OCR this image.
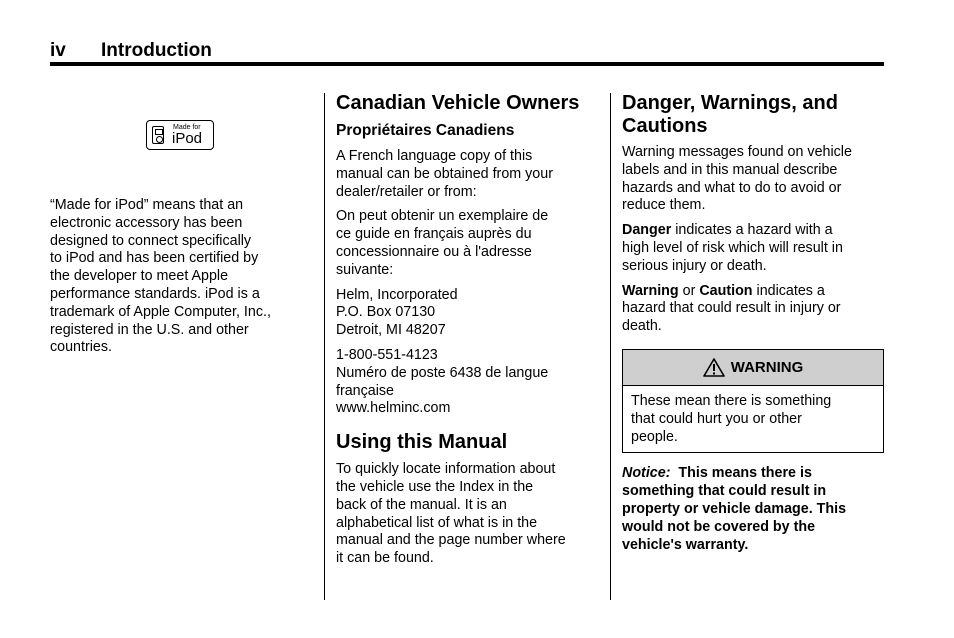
iv Introduction
Made for
iPod

“Made for iPod” means that an
electronic accessory has been
designed to connect specifically
to iPod and has been certified by
the developer to meet Apple
performance standards. iPod is a
trademark of Apple Computer, Inc.,
registered in the U.S. and other
countries.

Canadian Vehicle Owners
Propriétaires Canadiens

A French language copy of this
manual can be obtained from your
dealer/retailer or from:

On peut obtenir un exemplaire de
ce guide en français auprès du
concessionnaire ou à l'adresse
suivante:

Helm, Incorporated
P.O. Box 07130
Detroit, MI 48207

1-800-551-4123
Numéro de poste 6438 de langue
française
www.helminc.com

Using this Manual

To quickly locate information about
the vehicle use the Index in the
back of the manual. It is an
alphabetical list of what is in the
manual and the page number where
it can be found.

Danger, Warnings, and
Cautions

Warning messages found on vehicle
labels and in this manual describe
hazards and what to do to avoid or
reduce them.

Danger indicates a hazard with a
high level of risk which will result in
serious injury or death.

Warning or Caution indicates a
hazard that could result in injury or
death.

WARNING

These mean there is something
that could hurt you or other
people.

Notice:  This means there is
something that could result in
property or vehicle damage. This
would not be covered by the
vehicle's warranty.
